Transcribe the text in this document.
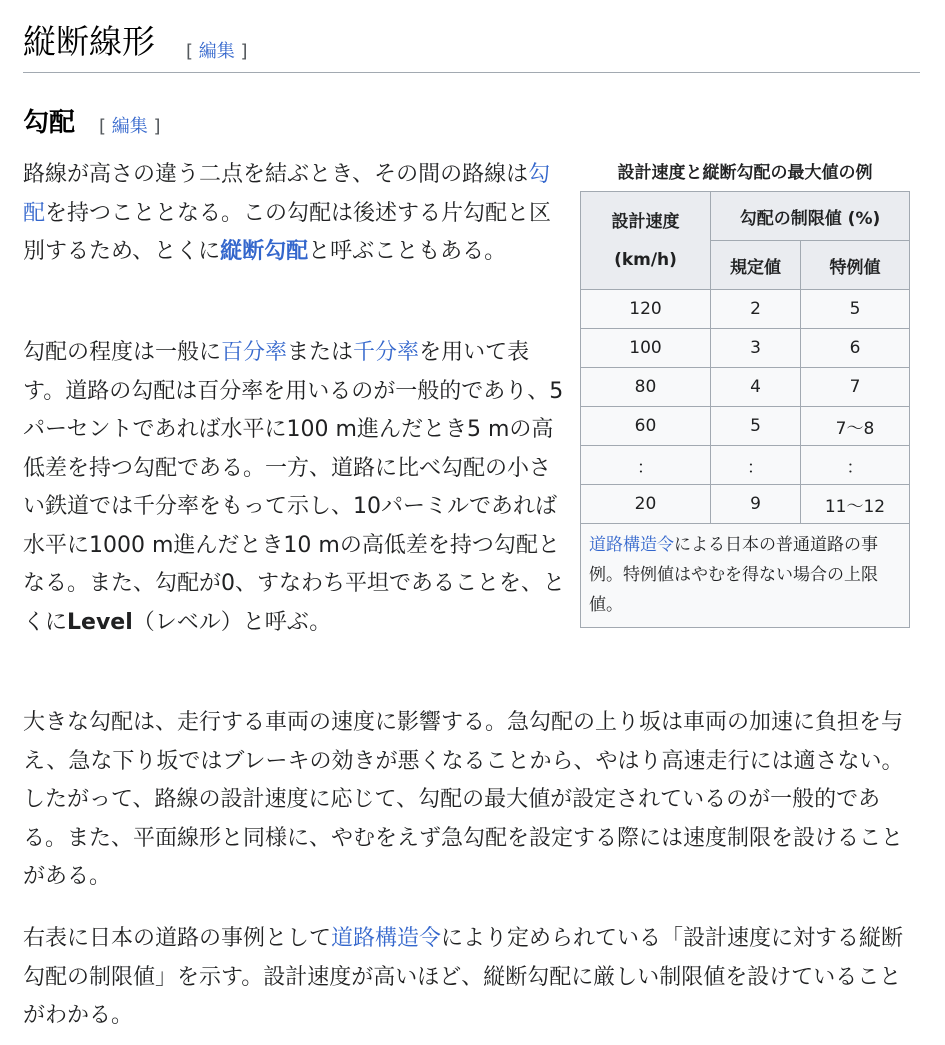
縦断線形 [ 編集 ]
勾配 [ 編集 ]

路線が高さの違う二点を結ぶとき、その間の路線は勾配を持つこととなる。この勾配は後述する片勾配と区別するため、とくに縦断勾配と呼ぶこともある。

勾配の程度は一般に百分率または千分率を用いて表す。道路の勾配は百分率を用いるのが一般的であり、5パーセントであれば水平に100 m進んだとき5 mの高低差を持つ勾配である。一方、道路に比べ勾配の小さい鉄道では千分率をもって示し、10パーミルであれば水平に1000 m進んだとき10 mの高低差を持つ勾配となる。また、勾配が0、すなわち平坦であることを、とくにLevel（レベル）と呼ぶ。

大きな勾配は、走行する車両の速度に影響する。急勾配の上り坂は車両の加速に負担を与え、急な下り坂ではブレーキの効きが悪くなることから、やはり高速走行には適さない。したがって、路線の設計速度に応じて、勾配の最大値が設定されているのが一般的である。また、平面線形と同様に、やむをえず急勾配を設定する際には速度制限を設けることがある。

右表に日本の道路の事例として道路構造令により定められている「設計速度に対する縦断勾配の制限値」を示す。設計速度が高いほど、縦断勾配に厳しい制限値を設けていることがわかる。

設計速度と縦断勾配の最大値の例
設計速度
(km/h)	勾配の制限値 (%)	
	規定値	特例値
120	2	5
100	3	6
80	4	7
60	5	7〜8
：	：	：
20	9	11〜12
道路構造令による日本の普通道路の事例。特例値はやむを得ない場合の上限値。
